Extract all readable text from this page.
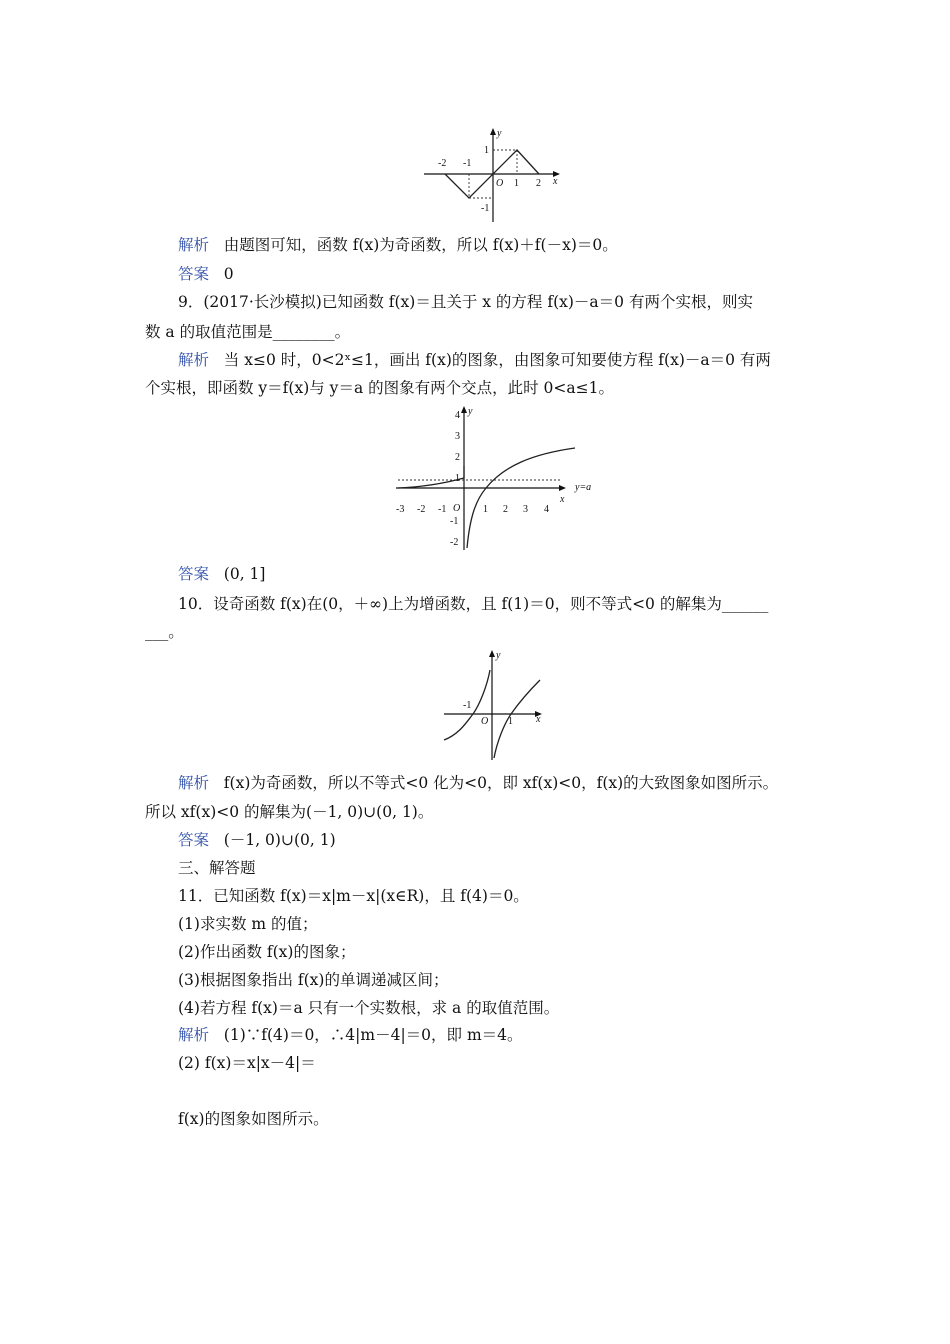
y
x
O
-2 -1
1 2
1
-1
解析 由题图可知，函数 f(x)为奇函数，所以 f(x)＋f(－x)＝0。
答案 0
9．(2017·长沙模拟)已知函数 f(x)＝且关于 x 的方程 f(x)－a＝0 有两个实根，则实
数 a 的取值范围是________。
解析 当 x≤0 时，0<2ˣ≤1，画出 f(x)的图象，由图象可知要使方程 f(x)－a＝0 有两
个实根，即函数 y＝f(x)与 y＝a 的图象有两个交点，此时 0<a≤1。
y
x
y=a
O
-3 -2 -1	1 2 3 4
4
3
2
1
-1
-2
答案 (0, 1]
10．设奇函数 f(x)在(0，＋∞)上为增函数，且 f(1)＝0，则不等式<0 的解集为______
___。
y
x
O
-1
1
解析 f(x)为奇函数，所以不等式<0 化为<0，即 xf(x)<0，f(x)的大致图象如图所示。
所以 xf(x)<0 的解集为(－1, 0)∪(0, 1)。
答案 (－1, 0)∪(0, 1)
三、解答题
11．已知函数 f(x)＝x|m－x|(x∈R)，且 f(4)＝0。
(1)求实数 m 的值；
(2)作出函数 f(x)的图象；
(3)根据图象指出 f(x)的单调递减区间；
(4)若方程 f(x)＝a 只有一个实数根，求 a 的取值范围。
解析 (1)∵f(4)＝0，∴4|m－4|＝0，即 m＝4。
(2) f(x)＝x|x－4|＝
f(x)的图象如图所示。
